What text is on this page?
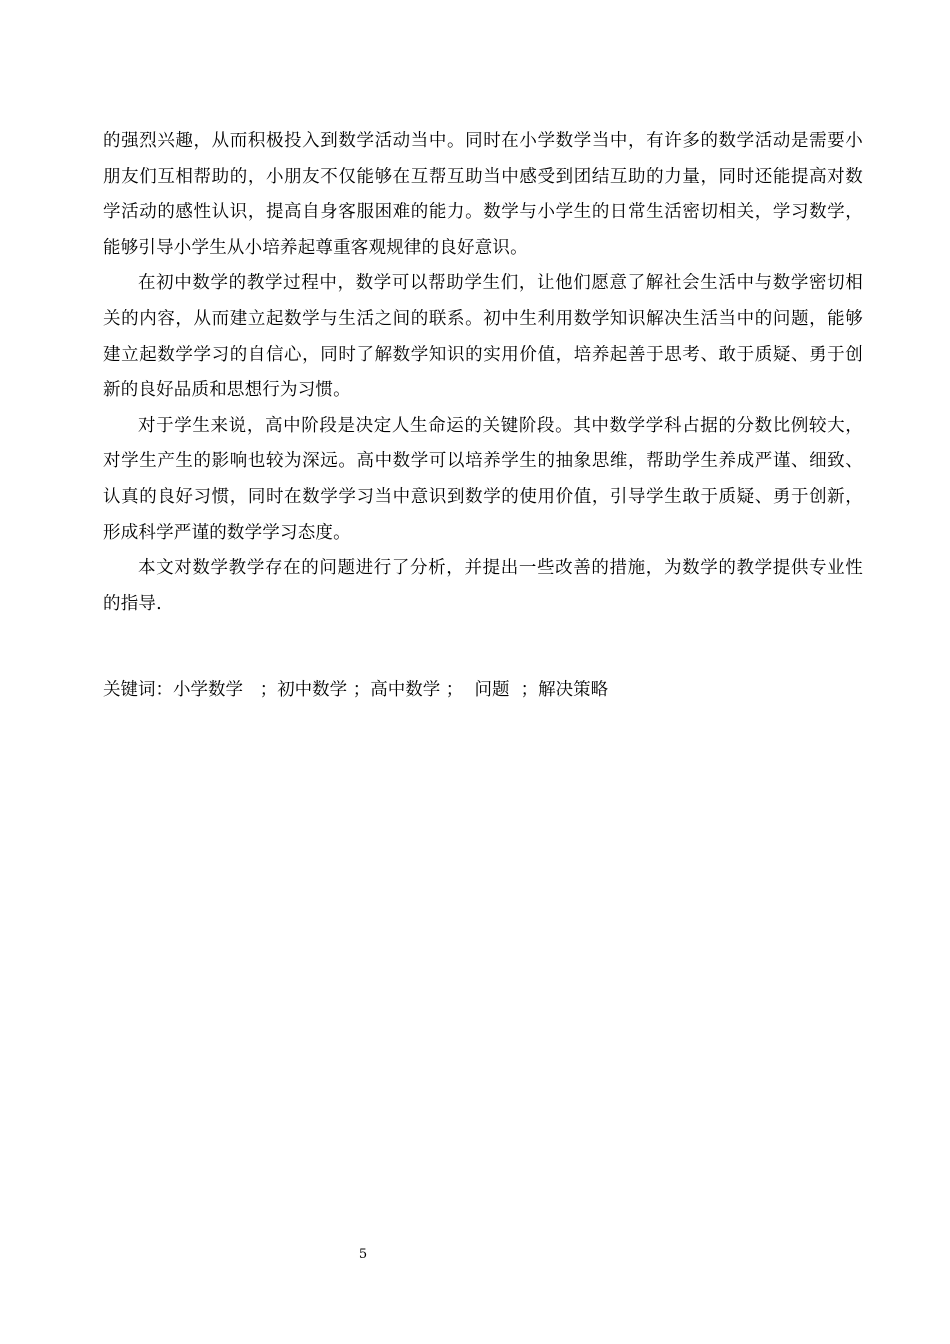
的强烈兴趣，从而积极投入到数学活动当中。同时在小学数学当中，有许多的数学活动是需要小朋友们互相帮助的，小朋友不仅能够在互帮互助当中感受到团结互助的力量，同时还能提高对数学活动的感性认识，提高自身客服困难的能力。数学与小学生的日常生活密切相关，学习数学，能够引导小学生从小培养起尊重客观规律的良好意识。

在初中数学的教学过程中，数学可以帮助学生们，让他们愿意了解社会生活中与数学密切相关的内容，从而建立起数学与生活之间的联系。初中生利用数学知识解决生活当中的问题，能够建立起数学学习的自信心，同时了解数学知识的实用价值，培养起善于思考、敢于质疑、勇于创新的良好品质和思想行为习惯。

对于学生来说，高中阶段是决定人生命运的关键阶段。其中数学学科占据的分数比例较大，对学生产生的影响也较为深远。高中数学可以培养学生的抽象思维，帮助学生养成严谨、细致、认真的良好习惯，同时在数学学习当中意识到数学的使用价值，引导学生敢于质疑、勇于创新，形成科学严谨的数学学习态度。

本文对数学教学存在的问题进行了分析，并提出一些改善的措施，为数学的教学提供专业性的指导.

关键词：小学数学   ；初中数学 ；高中数学 ；  问题  ；解决策略

5
